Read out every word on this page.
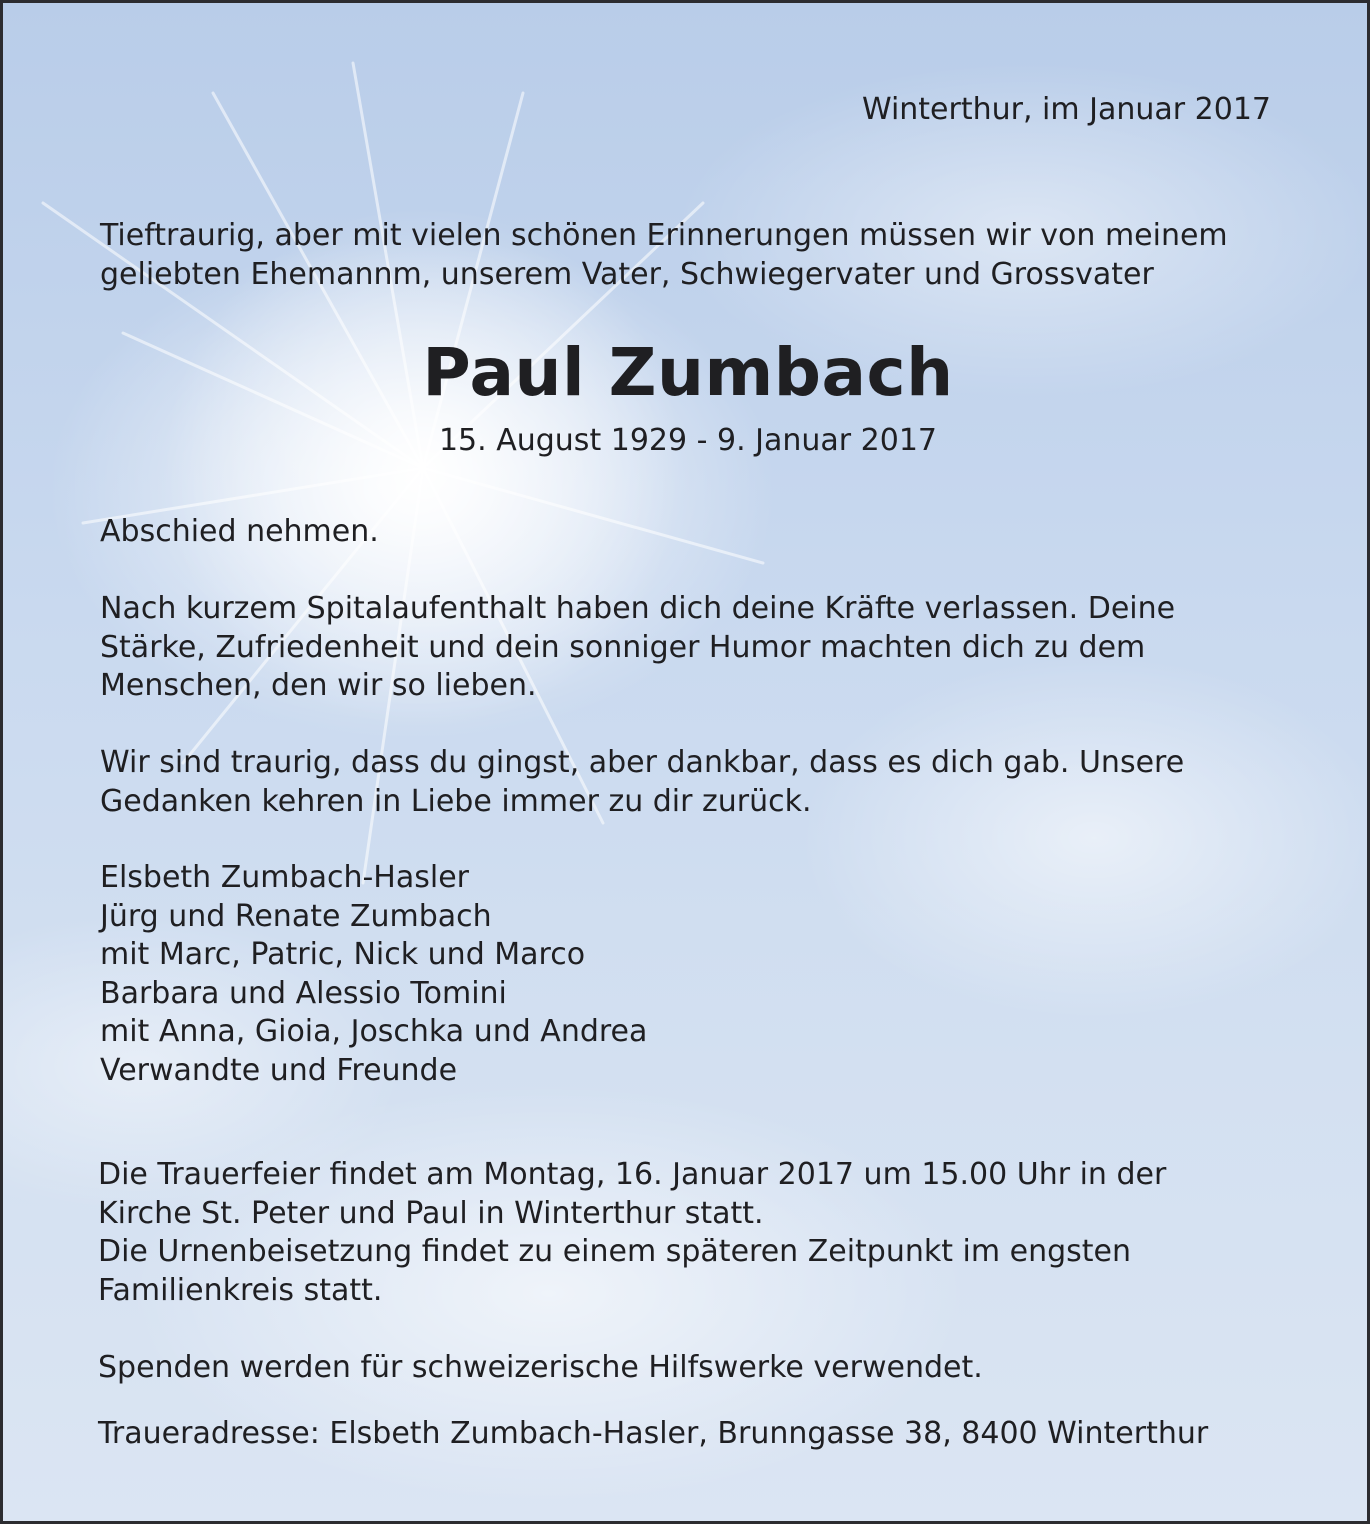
Winterthur, im Januar 2017

Tieftraurig, aber mit vielen schönen Erinnerungen müssen wir von meinem
geliebten Ehemannm, unserem Vater, Schwiegervater und Grossvater

Paul Zumbach
15. August 1929 - 9. Januar 2017
Abschied nehmen.

Nach kurzem Spitalaufenthalt haben dich deine Kräfte verlassen. Deine
Stärke, Zufriedenheit und dein sonniger Humor machten dich zu dem
Menschen, den wir so lieben.

Wir sind traurig, dass du gingst, aber dankbar, dass es dich gab. Unsere
Gedanken kehren in Liebe immer zu dir zurück.

Elsbeth Zumbach-Hasler
Jürg und Renate Zumbach
mit Marc, Patric, Nick und Marco
Barbara und Alessio Tomini
mit Anna, Gioia, Joschka und Andrea
Verwandte und Freunde

Die Trauerfeier findet am Montag, 16. Januar 2017 um 15.00 Uhr in der
Kirche St. Peter und Paul in Winterthur statt.
Die Urnenbeisetzung findet zu einem späteren Zeitpunkt im engsten
Familienkreis statt.

Spenden werden für schweizerische Hilfswerke verwendet.
Traueradresse: Elsbeth Zumbach-Hasler, Brunngasse 38, 8400 Winterthur
